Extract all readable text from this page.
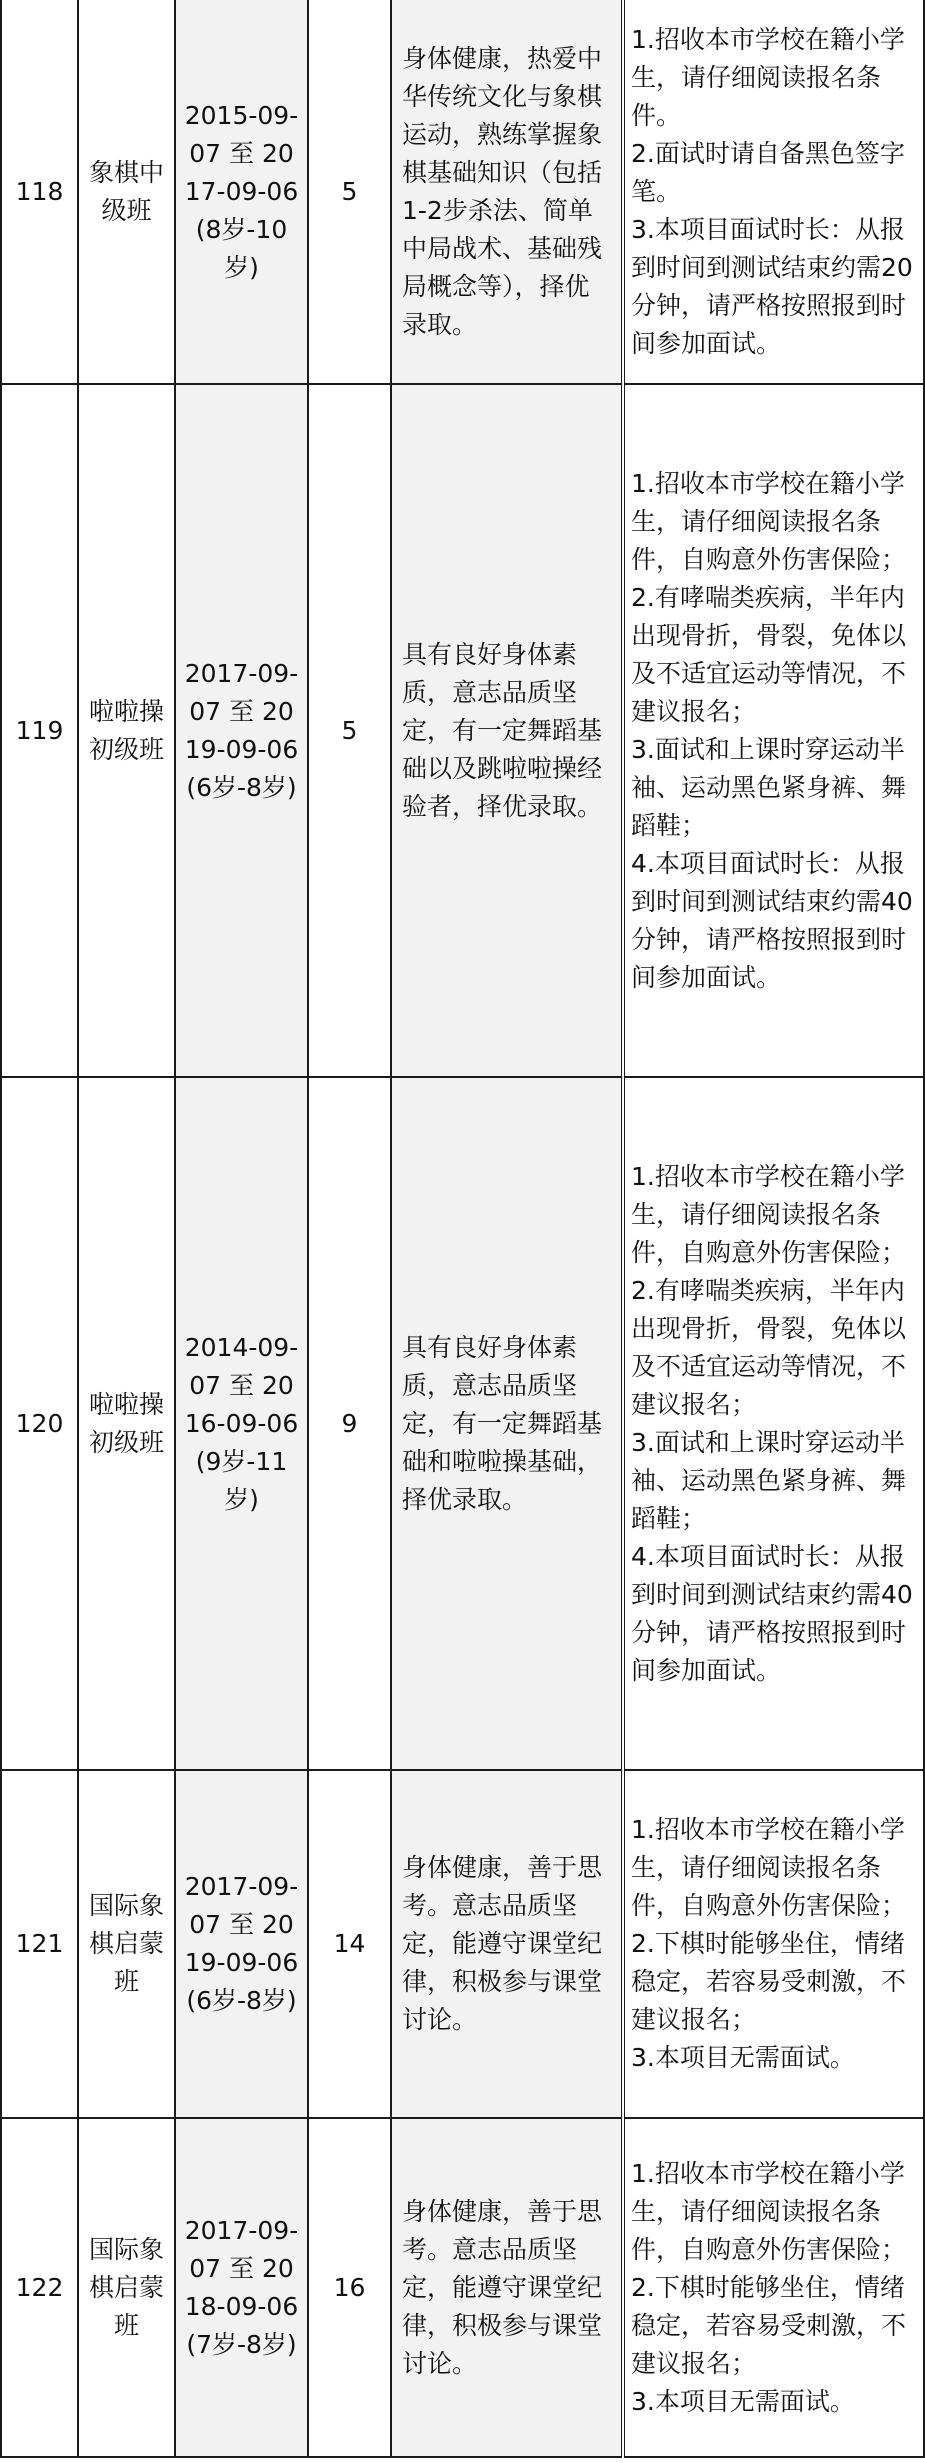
118	象棋中级班	2015-09-07 至 2017-09-06(8岁-10岁)	5	身体健康，热爱中华传统文化与象棋运动，熟练掌握象棋基础知识（包括1-2步杀法、简单中局战术、基础残局概念等），择优录取。	1.招收本市学校在籍小学生，请仔细阅读报名条件。
2.面试时请自备黑色签字笔。
3.本项目面试时长：从报到时间到测试结束约需20分钟，请严格按照报到时间参加面试。

119	啦啦操初级班	2017-09-07 至 2019-09-06(6岁-8岁)	5	具有良好身体素质，意志品质坚定，有一定舞蹈基础以及跳啦啦操经验者，择优录取。	1.招收本市学校在籍小学生，请仔细阅读报名条件，自购意外伤害保险；
2.有哮喘类疾病，半年内出现骨折，骨裂，免体以及不适宜运动等情况，不建议报名；
3.面试和上课时穿运动半袖、运动黑色紧身裤、舞蹈鞋；
4.本项目面试时长：从报到时间到测试结束约需40分钟，请严格按照报到时间参加面试。

120	啦啦操初级班	2014-09-07 至 2016-09-06(9岁-11岁)	9	具有良好身体素质，意志品质坚定，有一定舞蹈基础和啦啦操基础，择优录取。	1.招收本市学校在籍小学生，请仔细阅读报名条件，自购意外伤害保险；
2.有哮喘类疾病，半年内出现骨折，骨裂，免体以及不适宜运动等情况，不建议报名；
3.面试和上课时穿运动半袖、运动黑色紧身裤、舞蹈鞋；
4.本项目面试时长：从报到时间到测试结束约需40分钟，请严格按照报到时间参加面试。

121	国际象棋启蒙班	2017-09-07 至 2019-09-06(6岁-8岁)	14	身体健康，善于思考。意志品质坚定，能遵守课堂纪律，积极参与课堂讨论。	1.招收本市学校在籍小学生，请仔细阅读报名条件，自购意外伤害保险；
2.下棋时能够坐住，情绪稳定，若容易受刺激，不建议报名；
3.本项目无需面试。

122	国际象棋启蒙班	2017-09-07 至 2018-09-06(7岁-8岁)	16	身体健康，善于思考。意志品质坚定，能遵守课堂纪律，积极参与课堂讨论。	1.招收本市学校在籍小学生，请仔细阅读报名条件，自购意外伤害保险；
2.下棋时能够坐住，情绪稳定，若容易受刺激，不建议报名；
3.本项目无需面试。
